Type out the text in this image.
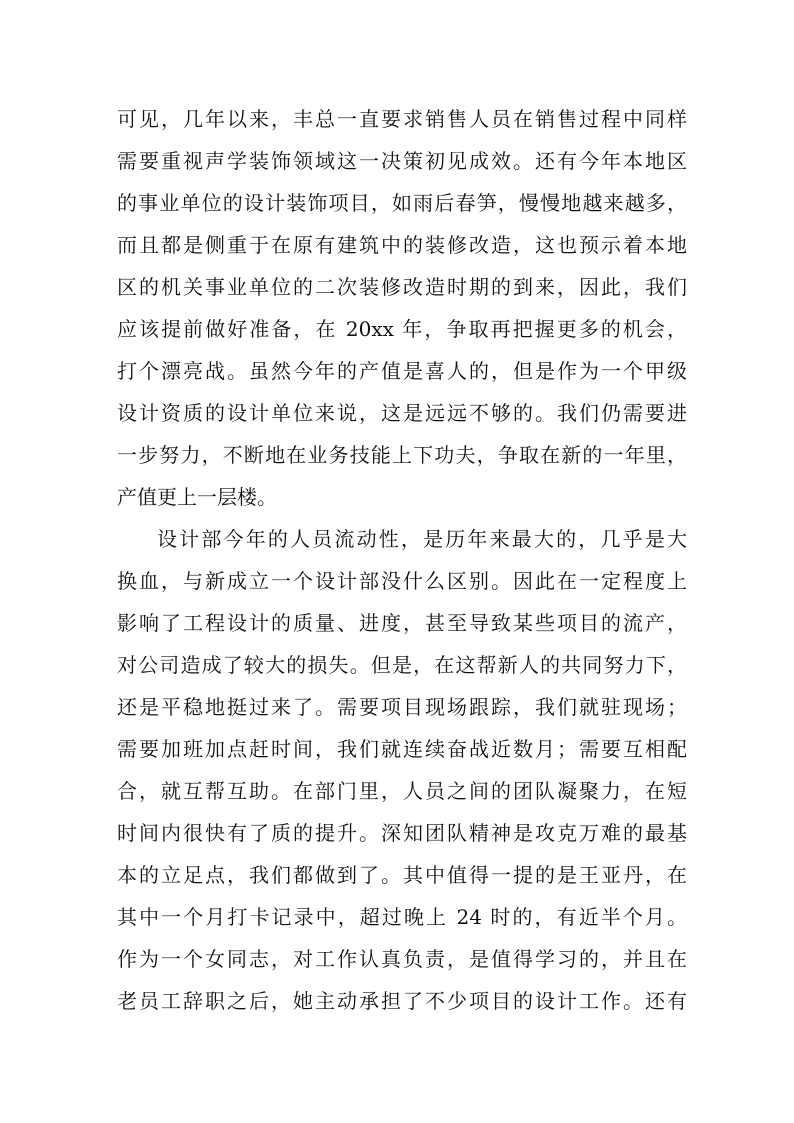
可见，几年以来，丰总一直要求销售人员在销售过程中同样
需要重视声学装饰领域这一决策初见成效。还有今年本地区
的事业单位的设计装饰项目，如雨后春笋，慢慢地越来越多，
而且都是侧重于在原有建筑中的装修改造，这也预示着本地
区的机关事业单位的二次装修改造时期的到来，因此，我们
应该提前做好准备，在 20xx 年，争取再把握更多的机会，
打个漂亮战。虽然今年的产值是喜人的，但是作为一个甲级
设计资质的设计单位来说，这是远远不够的。我们仍需要进
一步努力，不断地在业务技能上下功夫，争取在新的一年里，
产值更上一层楼。
设计部今年的人员流动性，是历年来最大的，几乎是大
换血，与新成立一个设计部没什么区别。因此在一定程度上
影响了工程设计的质量、进度，甚至导致某些项目的流产，
对公司造成了较大的损失。但是，在这帮新人的共同努力下，
还是平稳地挺过来了。需要项目现场跟踪，我们就驻现场；
需要加班加点赶时间，我们就连续奋战近数月；需要互相配
合，就互帮互助。在部门里，人员之间的团队凝聚力，在短
时间内很快有了质的提升。深知团队精神是攻克万难的最基
本的立足点，我们都做到了。其中值得一提的是王亚丹，在
其中一个月打卡记录中，超过晚上 24 时的，有近半个月。
作为一个女同志，对工作认真负责，是值得学习的，并且在
老员工辞职之后，她主动承担了不少项目的设计工作。还有
